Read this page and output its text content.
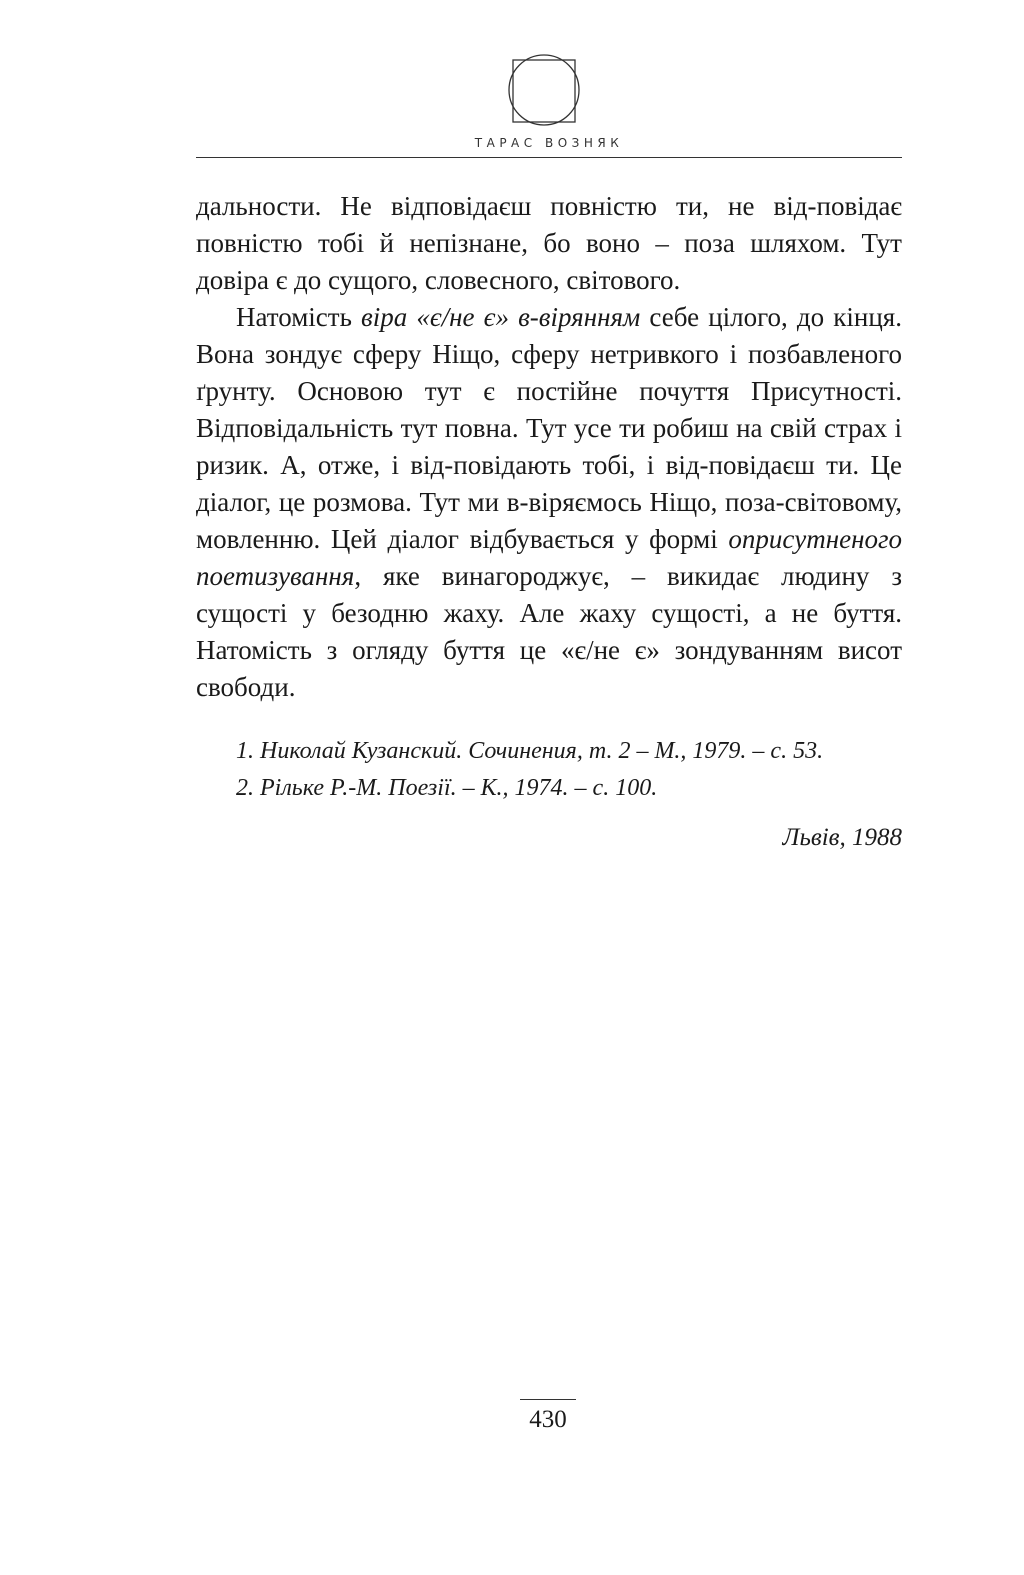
ТАРАС ВОЗНЯК

дальности. Не відповідаєш повністю ти, не від-повідає повністю тобі й непізнане, бо воно – поза шляхом. Тут довіра є до сущого, словесного, світового.

Натомість віра «є/не є» в-вірянням себе цілого, до кінця. Вона зондує сферу Ніщо, сферу нетривкого і позбавленого ґрунту. Основою тут є постійне почуття Присутності. Відповідальність тут повна. Тут усе ти робиш на свій страх і ризик. А, отже, і від-повідають тобі, і від-повідаєш ти. Це діалог, це розмова. Тут ми в-віряємось Ніщо, поза-світовому, мовленню. Цей діалог відбувається у формі оприсутненого поетизування, яке винагороджує, – викидає людину з сущості у безодню жаху. Але жаху сущості, а не буття. Натомість з огляду буття це «є/не є» зондуванням висот свободи.

1. Николай Кузанский. Сочинения, т. 2 – М., 1979. – с. 53.
2. Рільке Р.-М. Поезії. – К., 1974. – с. 100.
Львів, 1988
430
